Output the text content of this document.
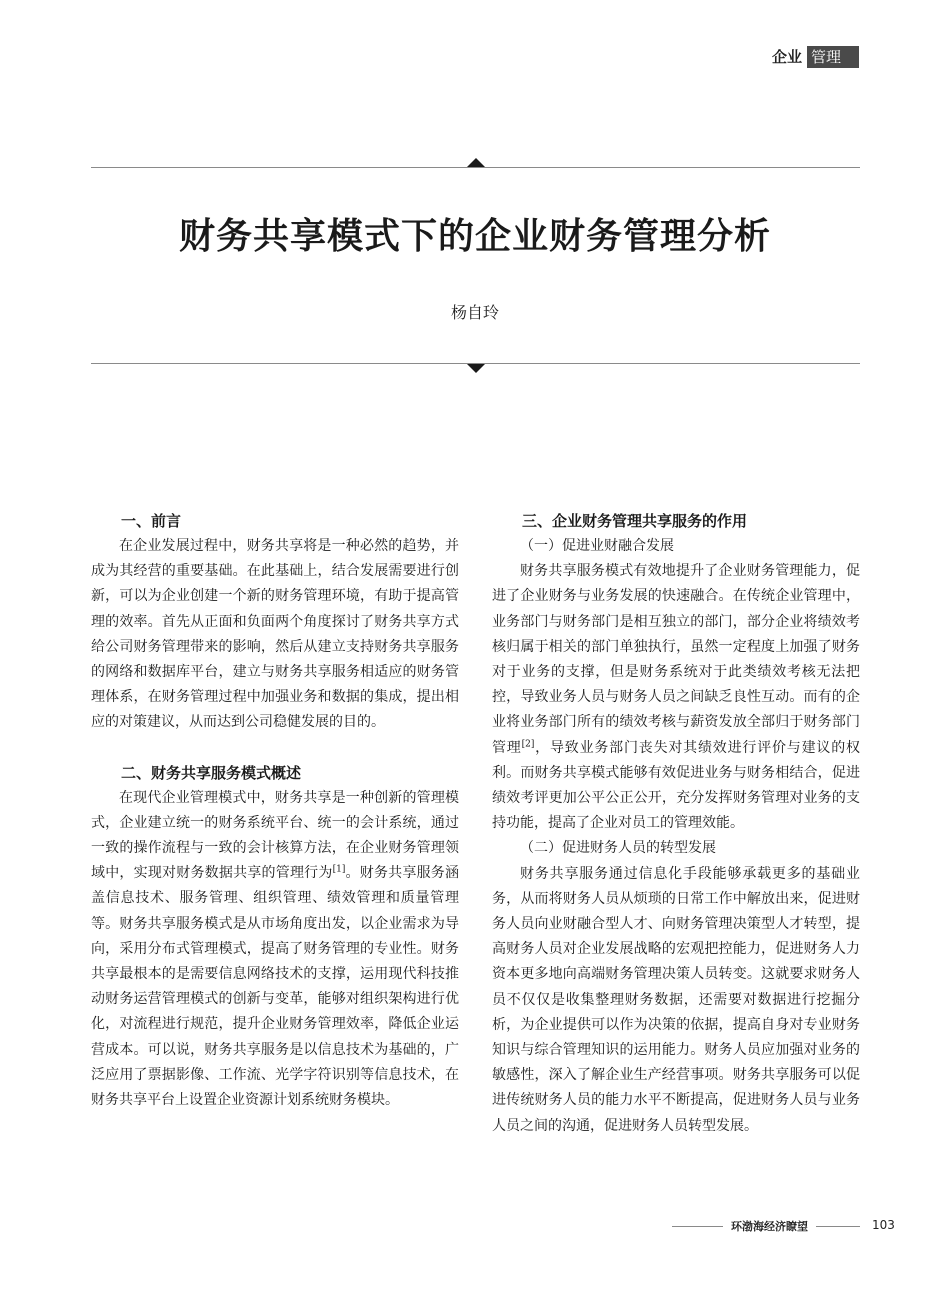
企业 管理
财务共享模式下的企业财务管理分析

杨自玲

一、前言

在企业发展过程中，财务共享将是一种必然的趋势，并成为其经营的重要基础。在此基础上，结合发展需要进行创新，可以为企业创建一个新的财务管理环境，有助于提高管理的效率。首先从正面和负面两个角度探讨了财务共享方式给公司财务管理带来的影响，然后从建立支持财务共享服务的网络和数据库平台，建立与财务共享服务相适应的财务管理体系，在财务管理过程中加强业务和数据的集成，提出相应的对策建议，从而达到公司稳健发展的目的。

二、财务共享服务模式概述

在现代企业管理模式中，财务共享是一种创新的管理模式，企业建立统一的财务系统平台、统一的会计系统，通过一致的操作流程与一致的会计核算方法，在企业财务管理领域中，实现对财务数据共享的管理行为[1]。财务共享服务涵盖信息技术、服务管理、组织管理、绩效管理和质量管理等。财务共享服务模式是从市场角度出发，以企业需求为导向，采用分布式管理模式，提高了财务管理的专业性。财务共享最根本的是需要信息网络技术的支撑，运用现代科技推动财务运营管理模式的创新与变革，能够对组织架构进行优化，对流程进行规范，提升企业财务管理效率，降低企业运营成本。可以说，财务共享服务是以信息技术为基础的，广泛应用了票据影像、工作流、光学字符识别等信息技术，在财务共享平台上设置企业资源计划系统财务模块。

三、企业财务管理共享服务的作用
（一）促进业财融合发展

财务共享服务模式有效地提升了企业财务管理能力，促进了企业财务与业务发展的快速融合。在传统企业管理中，业务部门与财务部门是相互独立的部门，部分企业将绩效考核归属于相关的部门单独执行，虽然一定程度上加强了财务对于业务的支撑，但是财务系统对于此类绩效考核无法把控，导致业务人员与财务人员之间缺乏良性互动。而有的企业将业务部门所有的绩效考核与薪资发放全部归于财务部门管理[2]，导致业务部门丧失对其绩效进行评价与建议的权利。而财务共享模式能够有效促进业务与财务相结合，促进绩效考评更加公平公正公开，充分发挥财务管理对业务的支持功能，提高了企业对员工的管理效能。

（二）促进财务人员的转型发展

财务共享服务通过信息化手段能够承载更多的基础业务，从而将财务人员从烦琐的日常工作中解放出来，促进财务人员向业财融合型人才、向财务管理决策型人才转型，提高财务人员对企业发展战略的宏观把控能力，促进财务人力资本更多地向高端财务管理决策人员转变。这就要求财务人员不仅仅是收集整理财务数据，还需要对数据进行挖掘分析，为企业提供可以作为决策的依据，提高自身对专业财务知识与综合管理知识的运用能力。财务人员应加强对业务的敏感性，深入了解企业生产经营事项。财务共享服务可以促进传统财务人员的能力水平不断提高，促进财务人员与业务人员之间的沟通，促进财务人员转型发展。

环渤海经济瞭望	103
